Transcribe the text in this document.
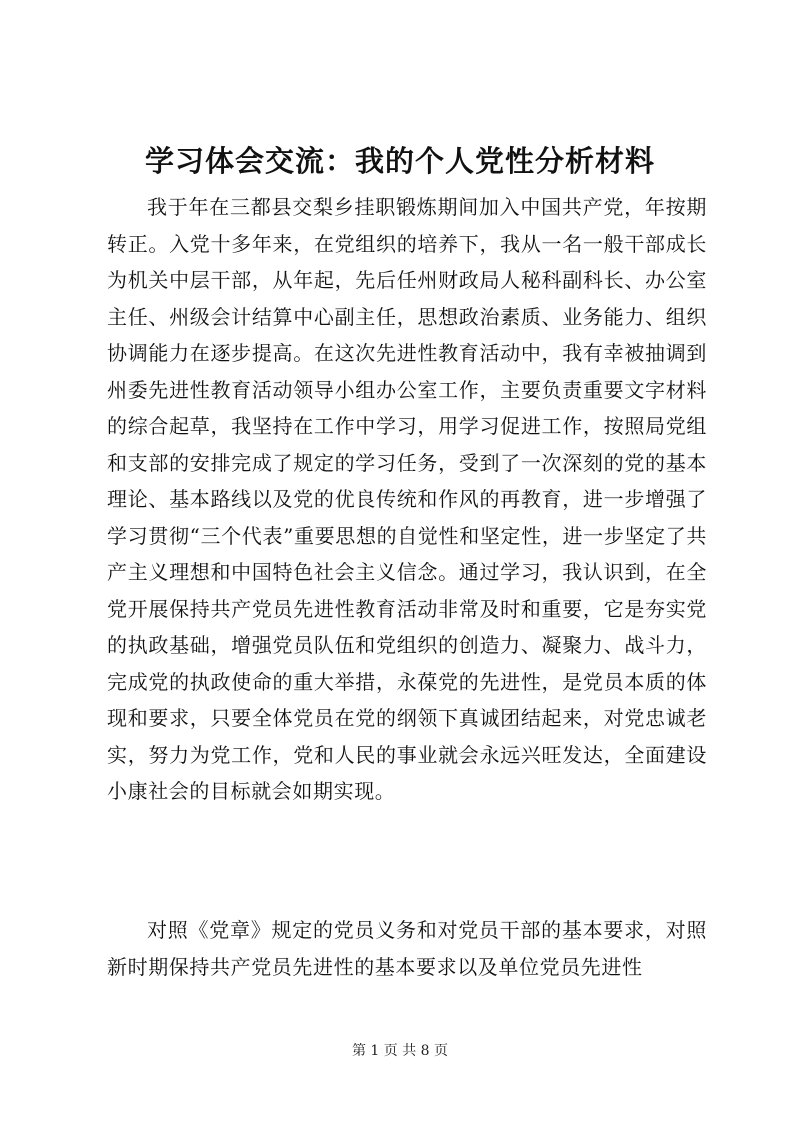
学习体会交流：我的个人党性分析材料

我于年在三都县交梨乡挂职锻炼期间加入中国共产党，年按期转正。入党十多年来，在党组织的培养下，我从一名一般干部成长为机关中层干部，从年起，先后任州财政局人秘科副科长、办公室主任、州级会计结算中心副主任，思想政治素质、业务能力、组织协调能力在逐步提高。在这次先进性教育活动中，我有幸被抽调到州委先进性教育活动领导小组办公室工作，主要负责重要文字材料的综合起草，我坚持在工作中学习，用学习促进工作，按照局党组和支部的安排完成了规定的学习任务，受到了一次深刻的党的基本理论、基本路线以及党的优良传统和作风的再教育，进一步增强了学习贯彻“三个代表”重要思想的自觉性和坚定性，进一步坚定了共产主义理想和中国特色社会主义信念。通过学习，我认识到，在全党开展保持共产党员先进性教育活动非常及时和重要，它是夯实党的执政基础，增强党员队伍和党组织的创造力、凝聚力、战斗力，完成党的执政使命的重大举措，永葆党的先进性，是党员本质的体现和要求，只要全体党员在党的纲领下真诚团结起来，对党忠诚老实，努力为党工作，党和人民的事业就会永远兴旺发达，全面建设小康社会的目标就会如期实现。

对照《党章》规定的党员义务和对党员干部的基本要求，对照新时期保持共产党员先进性的基本要求以及单位党员先进性

第 1 页 共 8 页
